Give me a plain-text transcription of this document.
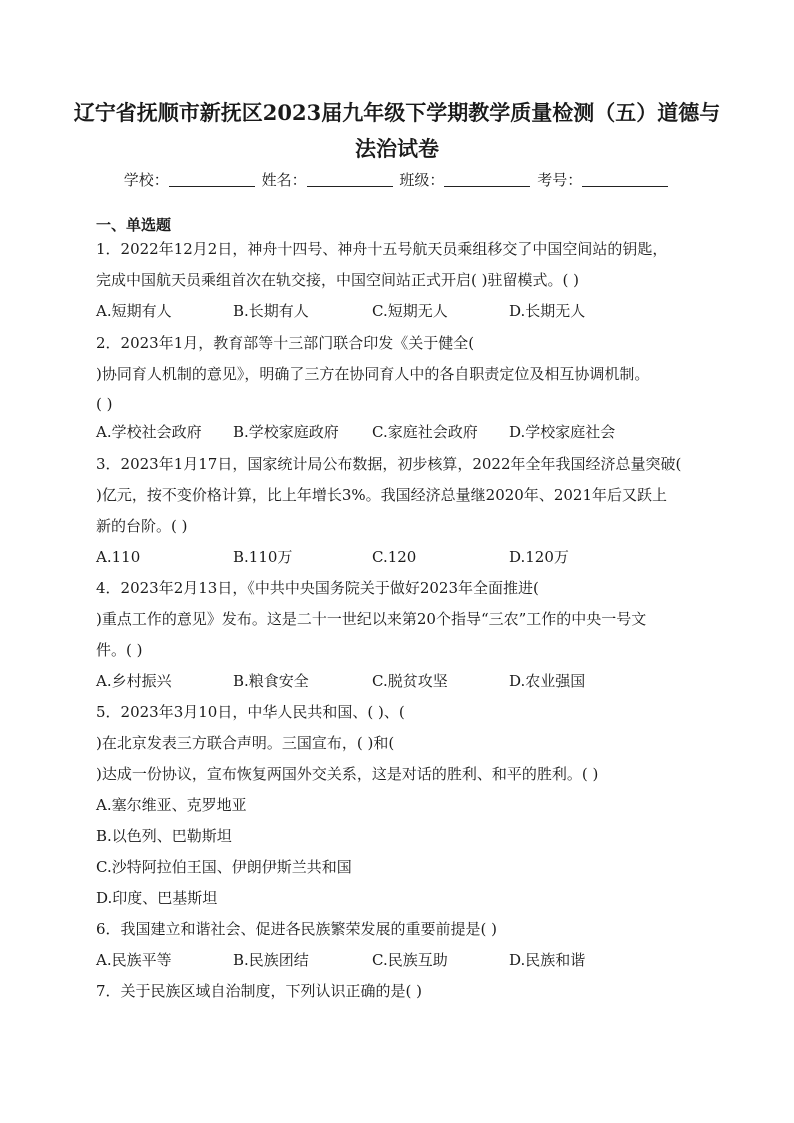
辽宁省抚顺市新抚区2023届九年级下学期教学质量检测（五）道德与
法治试卷
学校：	姓名：	班级：	考号：
一、单选题
1．2022年12月2日，神舟十四号、神舟十五号航天员乘组移交了中国空间站的钥匙，
完成中国航天员乘组首次在轨交接，中国空间站正式开启( )驻留模式。( )
A.短期有人	B.长期有人	C.短期无人	D.长期无人
2．2023年1月，教育部等十三部门联合印发《关于健全(
)协同育人机制的意见》，明确了三方在协同育人中的各自职责定位及相互协调机制。
( )
A.学校社会政府 B.学校家庭政府 C.家庭社会政府 D.学校家庭社会
3．2023年1月17日，国家统计局公布数据，初步核算，2022年全年我国经济总量突破(
)亿元，按不变价格计算，比上年增长3%。我国经济总量继2020年、2021年后又跃上
新的台阶。( )
A.110	B.110万	C.120	D.120万
4．2023年2月13日，《中共中央国务院关于做好2023年全面推进(
)重点工作的意见》发布。这是二十一世纪以来第20个指导“三农”工作的中央一号文
件。( )
A.乡村振兴	B.粮食安全	C.脱贫攻坚	D.农业强国
5．2023年3月10日，中华人民共和国、( )、(
)在北京发表三方联合声明。三国宣布，( )和(
)达成一份协议，宣布恢复两国外交关系，这是对话的胜利、和平的胜利。( )
A.塞尔维亚、克罗地亚
B.以色列、巴勒斯坦
C.沙特阿拉伯王国、伊朗伊斯兰共和国
D.印度、巴基斯坦
6．我国建立和谐社会、促进各民族繁荣发展的重要前提是( )
A.民族平等	B.民族团结	C.民族互助	D.民族和谐
7．关于民族区域自治制度，下列认识正确的是( )
